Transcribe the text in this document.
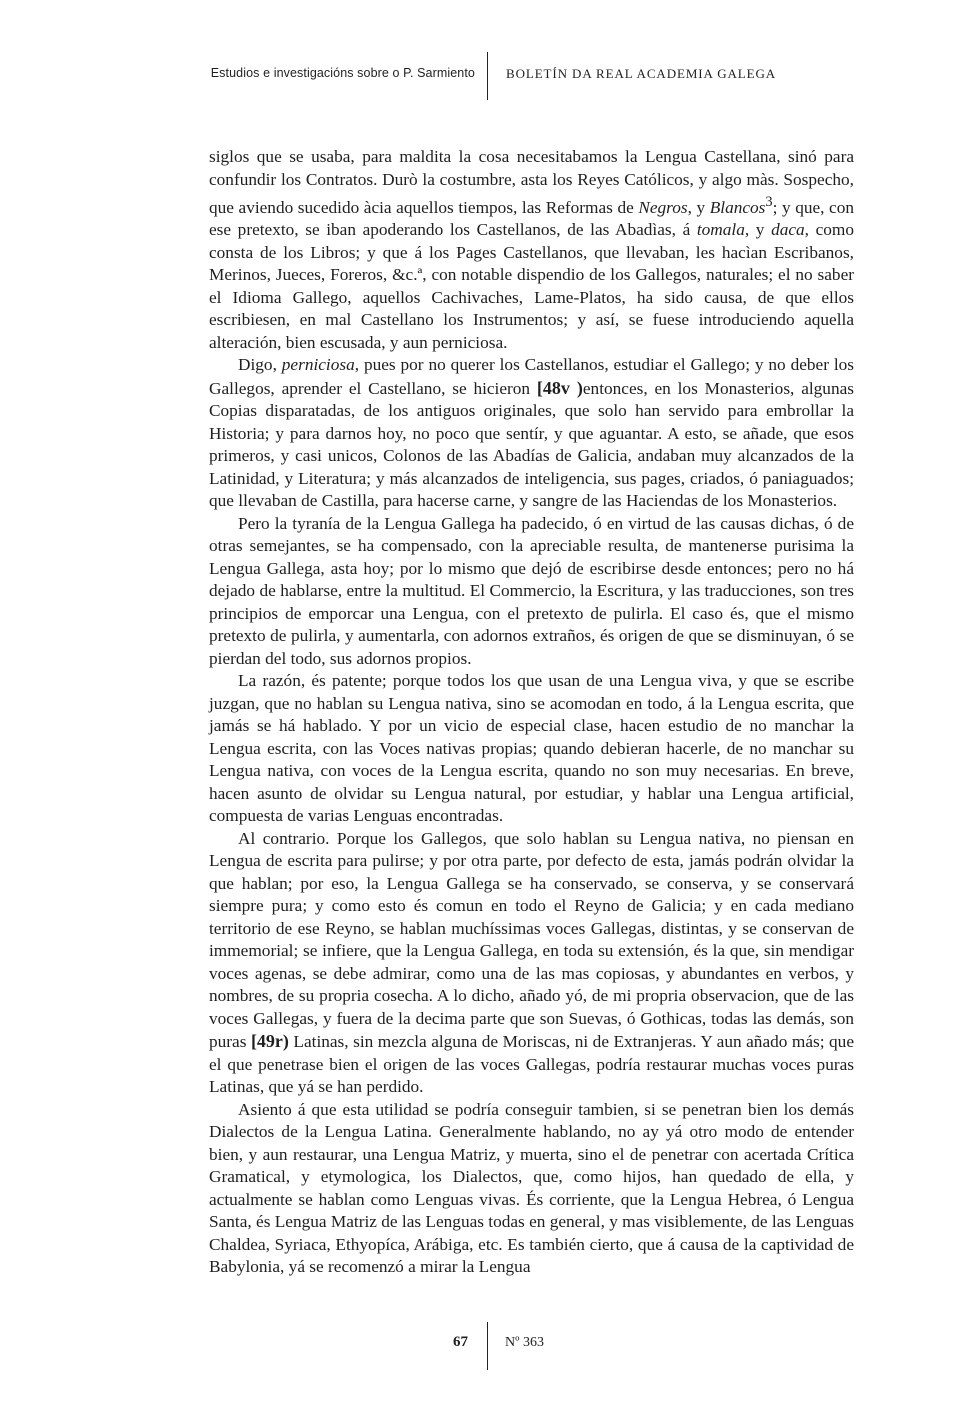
Estudios e investigacións sobre o P. Sarmiento BOLETÍN DA REAL ACADEMIA GALEGA

siglos que se usaba, para maldita la cosa necesitabamos la Lengua Castellana, sinó para confundir los Contratos. Durò la costumbre, asta los Reyes Católicos, y algo màs. Sospecho, que aviendo sucedido àcia aquellos tiempos, las Reformas de Negros, y Blancos$^3$; y que, con ese pretexto, se iban apoderando los Castellanos, de las Abadìas, á tomala, y daca, como consta de los Libros; y que á los Pages Castellanos, que llevaban, les hacìan Escribanos, Merinos, Jueces, Foreros, &c.ª, con notable dispendio de los Gallegos, naturales; el no saber el Idioma Gallego, aquellos Cachivaches, Lame-Platos, ha sido causa, de que ellos escribiesen, en mal Castellano los Instrumentos; y así, se fuese introduciendo aquella alteración, bien escusada, y aun perniciosa.

Digo, perniciosa, pues por no querer los Castellanos, estudiar el Gallego; y no deber los Gallegos, aprender el Castellano, se hicieron [48v )entonces, en los Monasterios, algunas Copias disparatadas, de los antiguos originales, que solo han servido para embrollar la Historia; y para darnos hoy, no poco que sentír, y que aguantar. A esto, se añade, que esos primeros, y casi unicos, Colonos de las Abadías de Galicia, andaban muy alcanzados de la Latinidad, y Literatura; y más alcanzados de inteligencia, sus pages, criados, ó paniaguados; que llevaban de Castilla, para hacerse carne, y sangre de las Haciendas de los Monasterios.

Pero la tyranía de la Lengua Gallega ha padecido, ó en virtud de las causas dichas, ó de otras semejantes, se ha compensado, con la apreciable resulta, de mantenerse purisima la Lengua Gallega, asta hoy; por lo mismo que dejó de escribirse desde entonces; pero no há dejado de hablarse, entre la multitud. El Commercio, la Escritura, y las traducciones, son tres principios de emporcar una Lengua, con el pretexto de pulirla. El caso és, que el mismo pretexto de pulirla, y aumentarla, con adornos extraños, és origen de que se disminuyan, ó se pierdan del todo, sus adornos propios.

La razón, és patente; porque todos los que usan de una Lengua viva, y que se escribe juzgan, que no hablan su Lengua nativa, sino se acomodan en todo, á la Lengua escrita, que jamás se há hablado. Y por un vicio de especial clase, hacen estudio de no manchar la Lengua escrita, con las Voces nativas propias; quando debieran hacerle, de no manchar su Lengua nativa, con voces de la Lengua escrita, quando no son muy necesarias. En breve, hacen asunto de olvidar su Lengua natural, por estudiar, y hablar una Lengua artificial, compuesta de varias Lenguas encontradas.

Al contrario. Porque los Gallegos, que solo hablan su Lengua nativa, no piensan en Lengua de escrita para pulirse; y por otra parte, por defecto de esta, jamás podrán olvidar la que hablan; por eso, la Lengua Gallega se ha conservado, se conserva, y se conservará siempre pura; y como esto és comun en todo el Reyno de Galicia; y en cada mediano territorio de ese Reyno, se hablan muchíssimas voces Gallegas, distintas, y se conservan de immemorial; se infiere, que la Lengua Gallega, en toda su extensión, és la que, sin mendigar voces agenas, se debe admirar, como una de las mas copiosas, y abundantes en verbos, y nombres, de su propria cosecha. A lo dicho, añado yó, de mi propria observacion, que de las voces Gallegas, y fuera de la decima parte que son Suevas, ó Gothicas, todas las demás, son puras [49r) Latinas, sin mezcla alguna de Moriscas, ni de Extranjeras. Y aun añado más; que el que penetrase bien el origen de las voces Gallegas, podría restaurar muchas voces puras Latinas, que yá se han perdido.

Asiento á que esta utilidad se podría conseguir tambien, si se penetran bien los demás Dialectos de la Lengua Latina. Generalmente hablando, no ay yá otro modo de entender bien, y aun restaurar, una Lengua Matriz, y muerta, sino el de penetrar con acertada Crítica Gramatical, y etymologica, los Dialectos, que, como hijos, han quedado de ella, y actualmente se hablan como Lenguas vivas. És corriente, que la Lengua Hebrea, ó Lengua Santa, és Lengua Matriz de las Lenguas todas en general, y mas visiblemente, de las Lenguas Chaldea, Syriaca, Ethyopíca, Arábiga, etc. Es también cierto, que á causa de la captividad de Babylonia, yá se recomenzó a mirar la Lengua

67	Nº 363
